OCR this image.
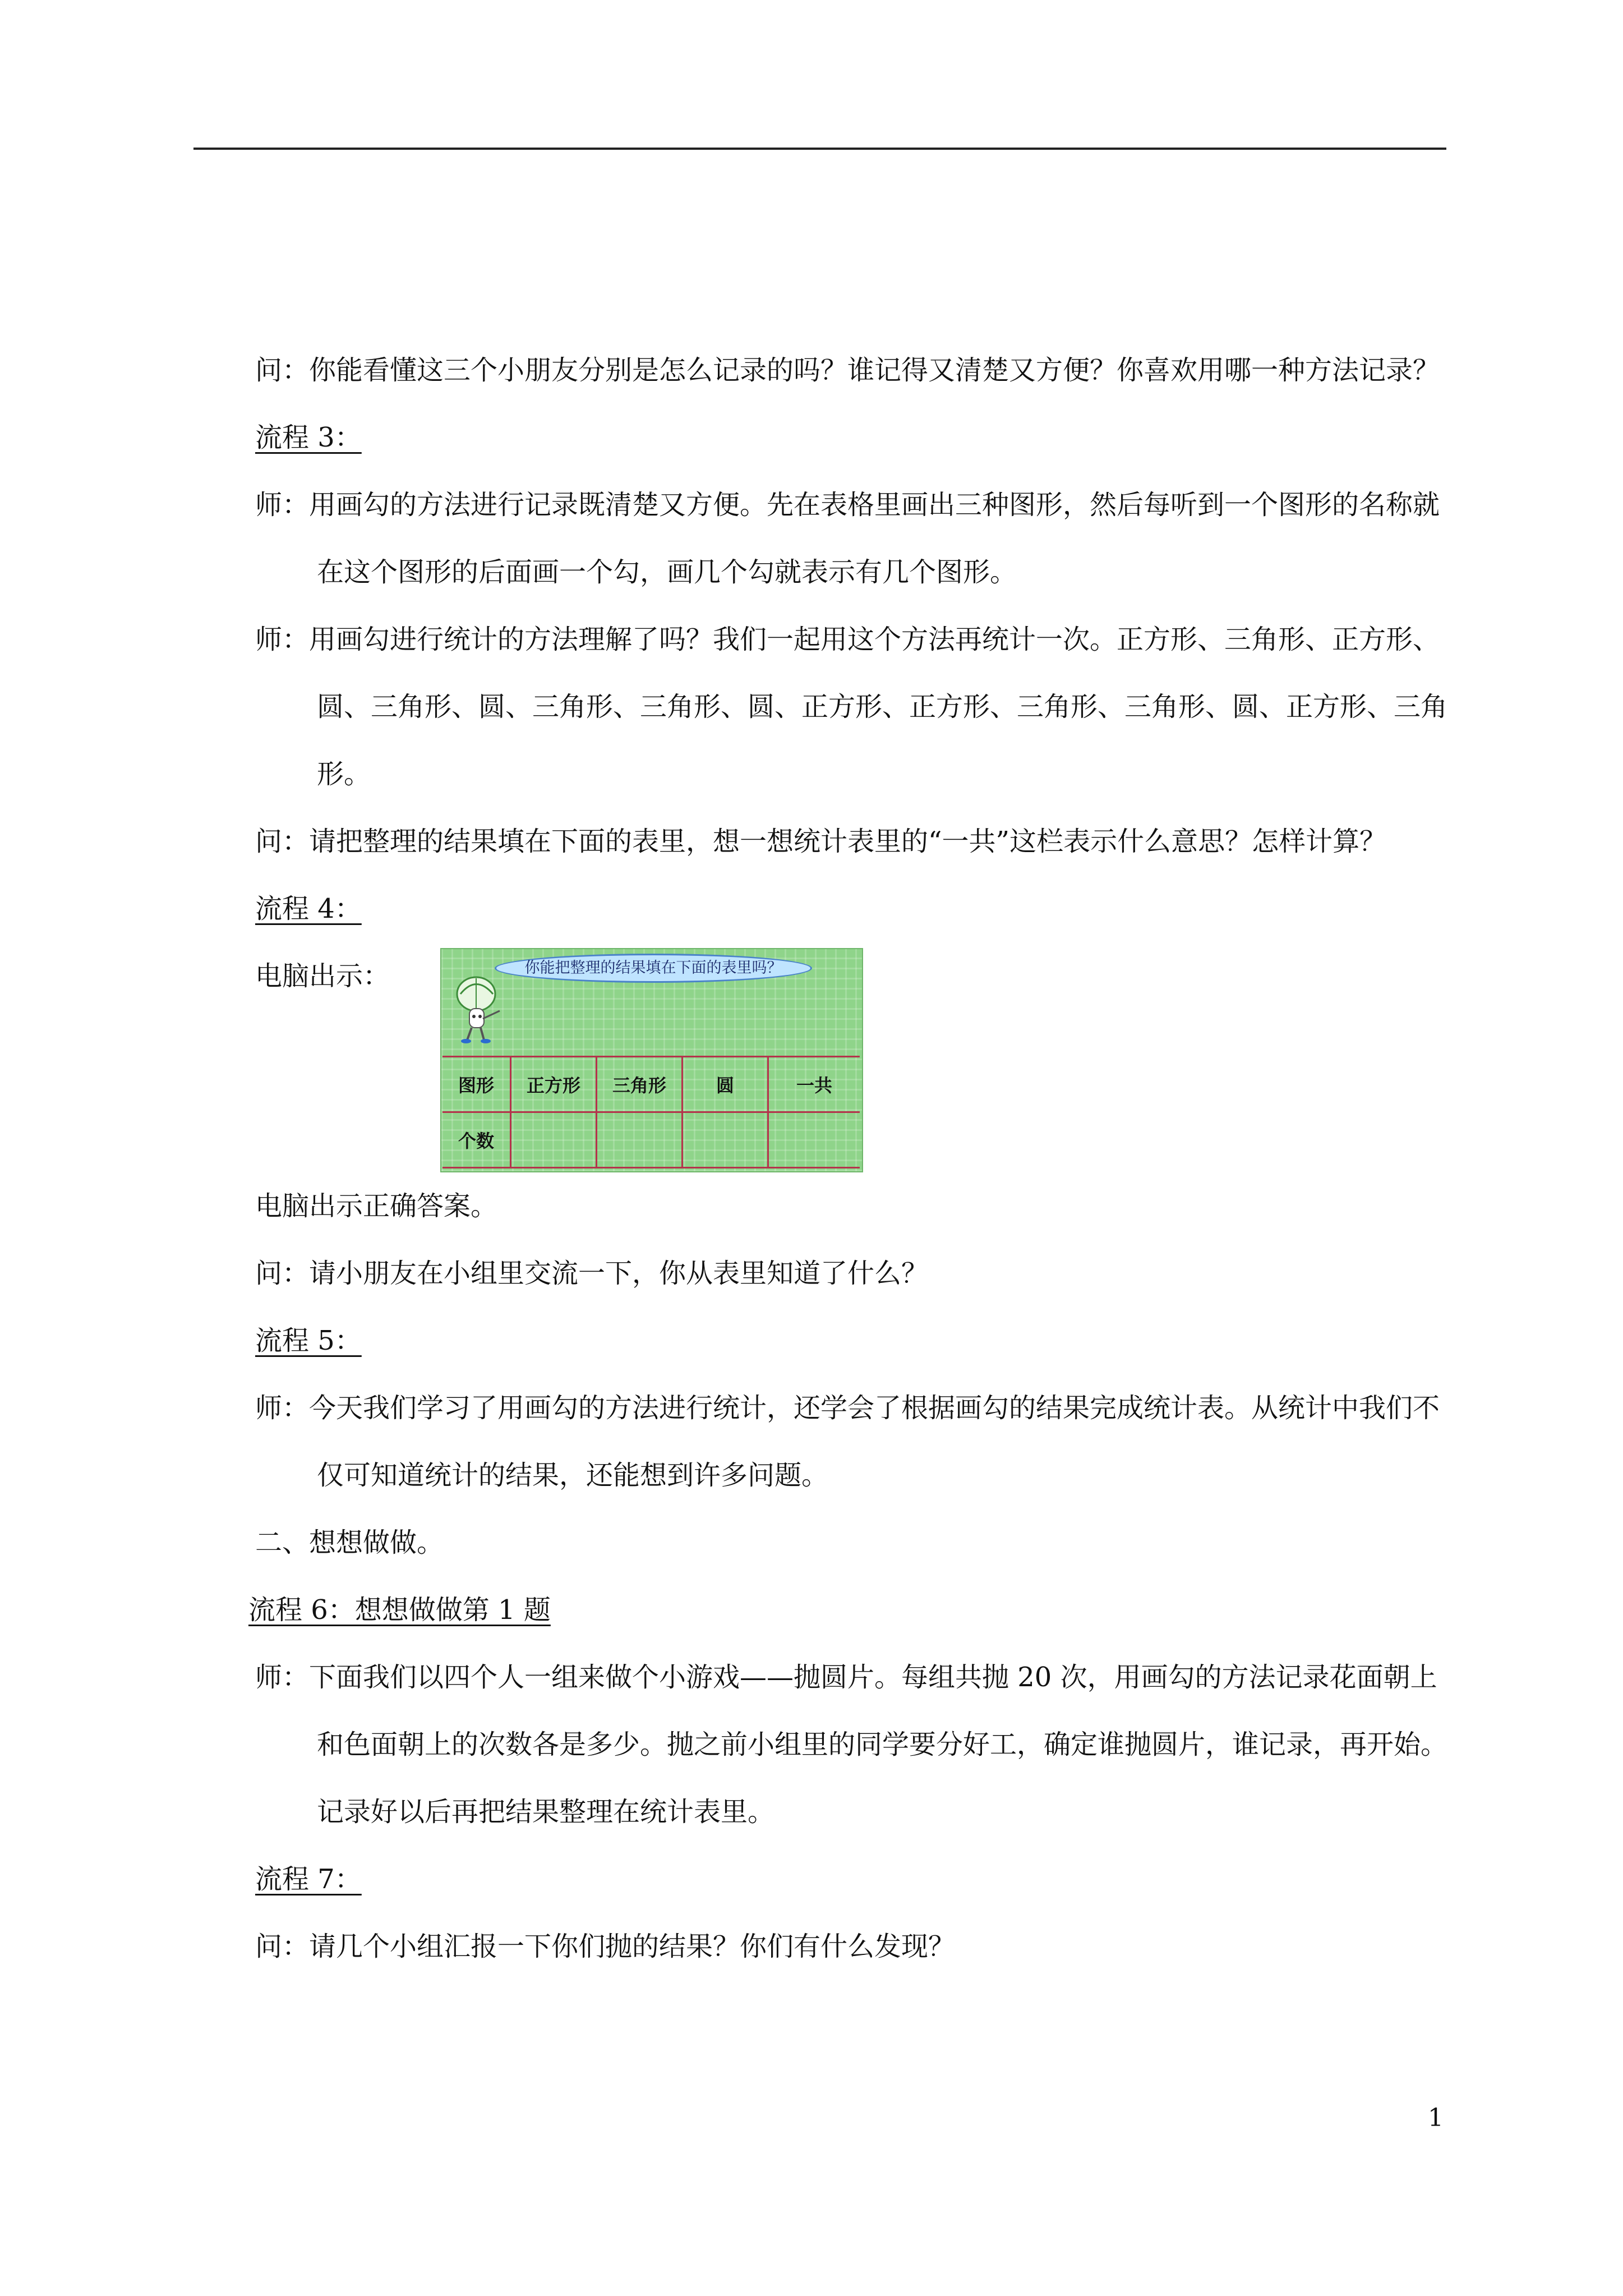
问：你能看懂这三个小朋友分别是怎么记录的吗？谁记得又清楚又方便？你喜欢用哪一种方法记录？

流程 3：

师：用画勾的方法进行记录既清楚又方便。先在表格里画出三种图形，然后每听到一个图形的名称就在这个图形的后面画一个勾，画几个勾就表示有几个图形。

师：用画勾进行统计的方法理解了吗？我们一起用这个方法再统计一次。正方形、三角形、正方形、圆、三角形、圆、三角形、三角形、圆、正方形、正方形、三角形、三角形、圆、正方形、三角形。

问：请把整理的结果填在下面的表里，想一想统计表里的“一共”这栏表示什么意思？怎样计算？

流程 4：

电脑出示：	你能把整理的结果填在下面的表里吗？
图形	正方形	三角形	圆	一共
个数				

电脑出示正确答案。

问：请小朋友在小组里交流一下，你从表里知道了什么？

流程 5：

师：今天我们学习了用画勾的方法进行统计，还学会了根据画勾的结果完成统计表。从统计中我们不仅可知道统计的结果，还能想到许多问题。

二、想想做做。

流程 6：想想做做第 1 题

师：下面我们以四个人一组来做个小游戏——抛圆片。每组共抛 20 次，用画勾的方法记录花面朝上和色面朝上的次数各是多少。抛之前小组里的同学要分好工，确定谁抛圆片，谁记录，再开始。记录好以后再把结果整理在统计表里。

流程 7：

问：请几个小组汇报一下你们抛的结果？你们有什么发现？

1
